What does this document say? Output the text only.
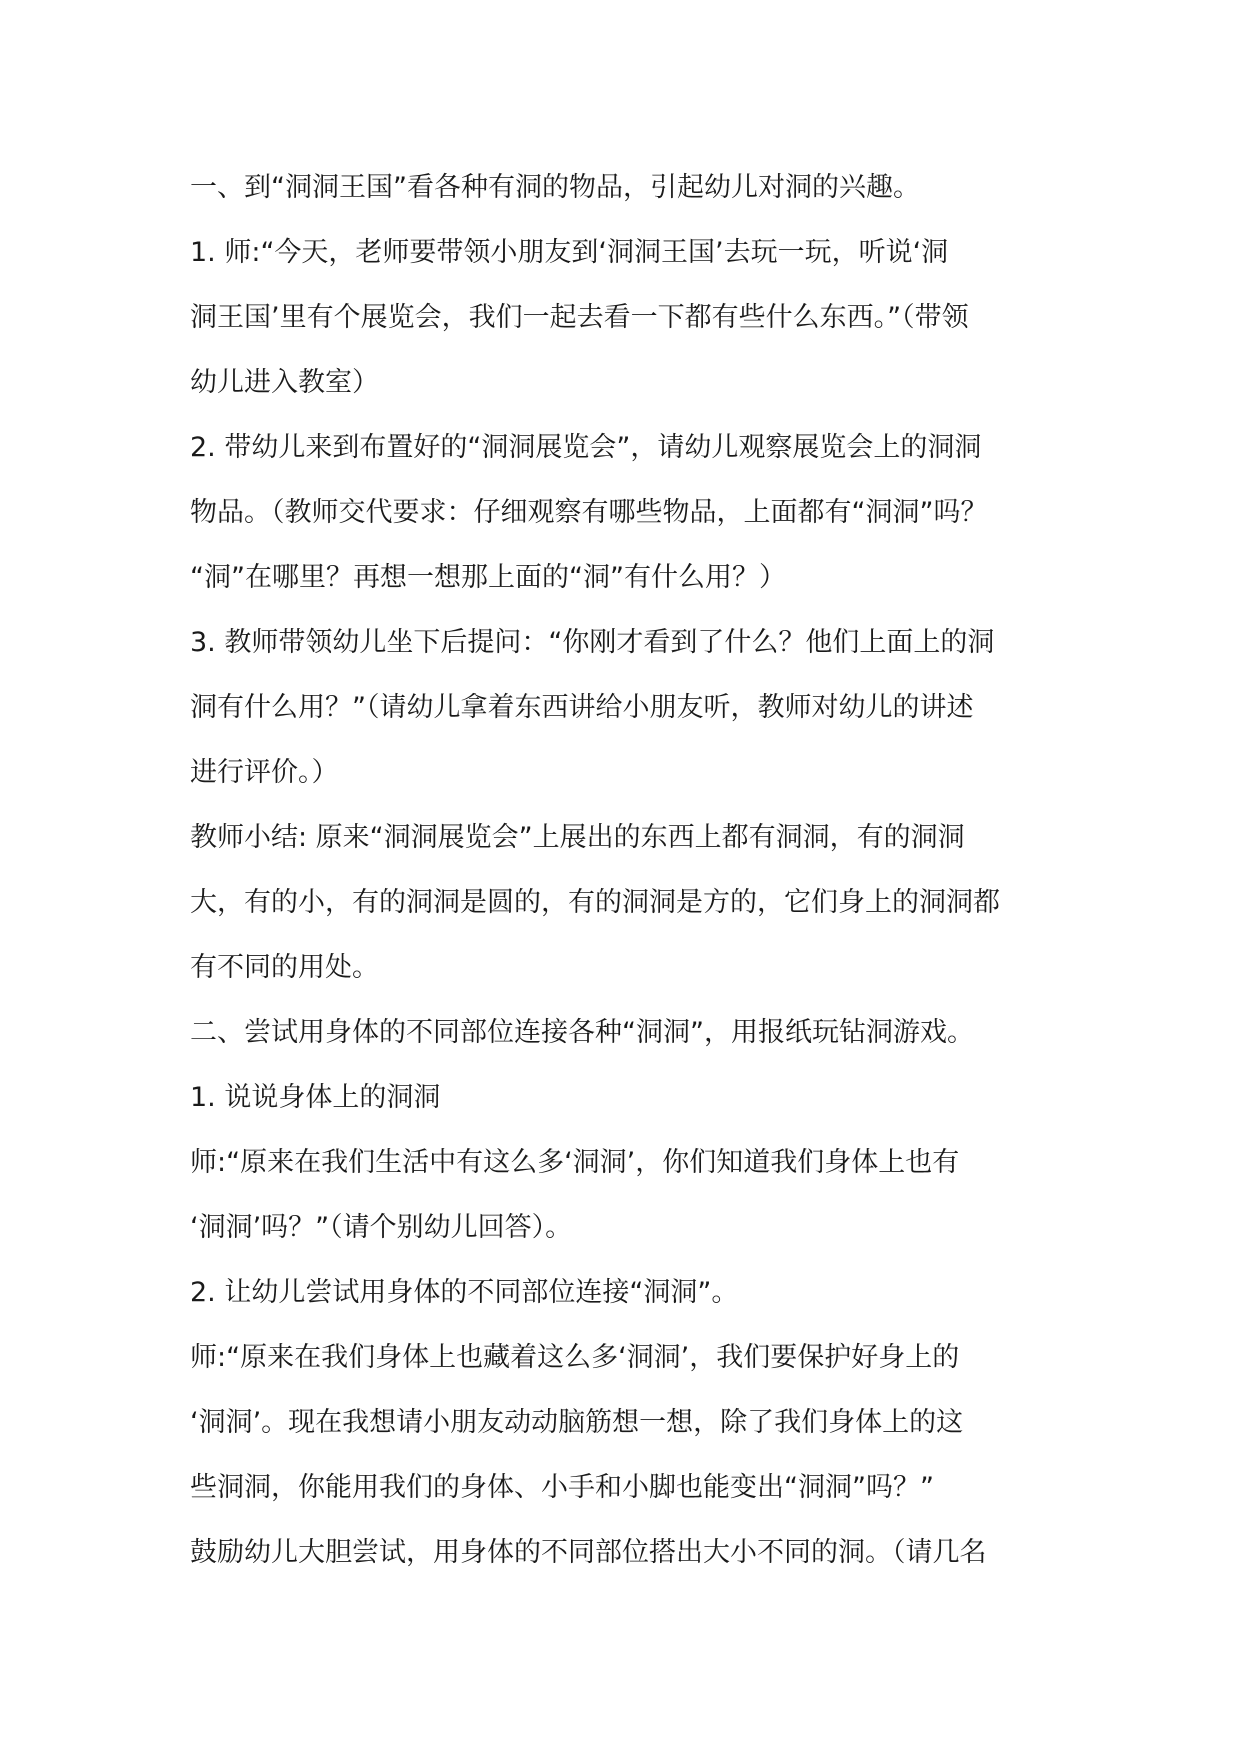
一、到“洞洞王国”看各种有洞的物品，引起幼儿对洞的兴趣。
1. 师:“今天，老师要带领小朋友到‘洞洞王国’去玩一玩，听说‘洞
洞王国’里有个展览会，我们一起去看一下都有些什么东西。”（带领
幼儿进入教室）
2. 带幼儿来到布置好的“洞洞展览会”，请幼儿观察展览会上的洞洞
物品。（教师交代要求：仔细观察有哪些物品，上面都有“洞洞”吗？
“洞”在哪里？再想一想那上面的“洞”有什么用？）
3. 教师带领幼儿坐下后提问：“你刚才看到了什么？他们上面上的洞
洞有什么用？”（请幼儿拿着东西讲给小朋友听，教师对幼儿的讲述
进行评价。）
教师小结: 原来“洞洞展览会”上展出的东西上都有洞洞，有的洞洞
大，有的小，有的洞洞是圆的，有的洞洞是方的，它们身上的洞洞都
有不同的用处。
二、尝试用身体的不同部位连接各种“洞洞”，用报纸玩钻洞游戏。
1. 说说身体上的洞洞
师:“原来在我们生活中有这么多‘洞洞’，你们知道我们身体上也有
‘洞洞’吗？”（请个别幼儿回答）。
2. 让幼儿尝试用身体的不同部位连接“洞洞”。
师:“原来在我们身体上也藏着这么多‘洞洞’，我们要保护好身上的
‘洞洞’。现在我想请小朋友动动脑筋想一想，除了我们身体上的这
些洞洞，你能用我们的身体、小手和小脚也能变出“洞洞”吗？”
鼓励幼儿大胆尝试，用身体的不同部位搭出大小不同的洞。（请几名
